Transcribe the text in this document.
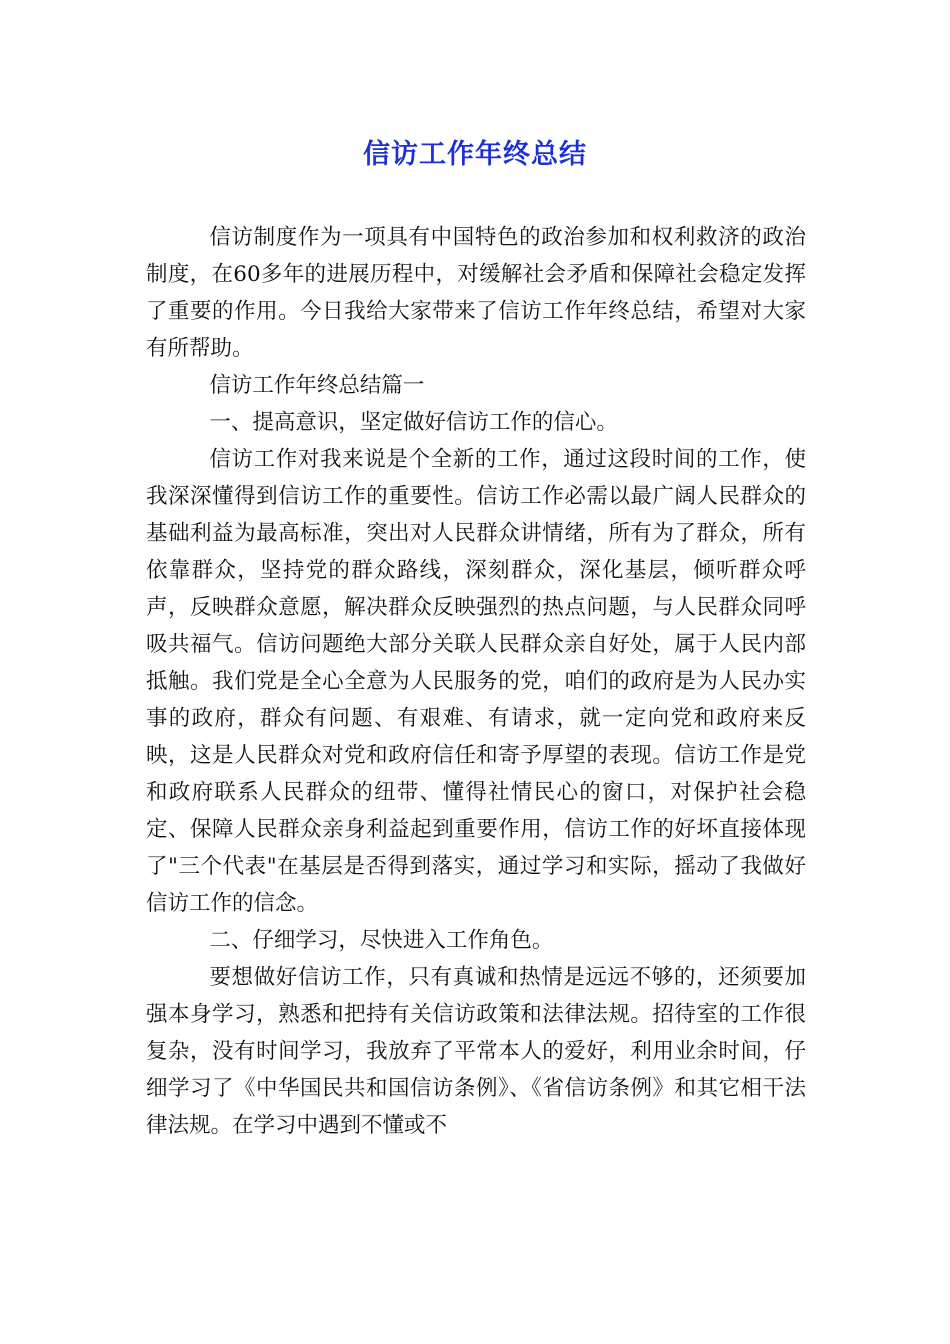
信访工作年终总结

信访制度作为一项具有中国特色的政治参加和权利救济的政治制度，在60多年的进展历程中，对缓解社会矛盾和保障社会稳定发挥了重要的作用。今日我给大家带来了信访工作年终总结，希望对大家有所帮助。

信访工作年终总结篇一

一、提高意识，坚定做好信访工作的信心。

信访工作对我来说是个全新的工作，通过这段时间的工作，使我深深懂得到信访工作的重要性。信访工作必需以最广阔人民群众的基础利益为最高标准，突出对人民群众讲情绪，所有为了群众，所有依靠群众，坚持党的群众路线，深刻群众，深化基层，倾听群众呼声，反映群众意愿，解决群众反映强烈的热点问题，与人民群众同呼吸共福气。信访问题绝大部分关联人民群众亲自好处，属于人民内部抵触。我们党是全心全意为人民服务的党，咱们的政府是为人民办实事的政府，群众有问题、有艰难、有请求，就一定向党和政府来反映，这是人民群众对党和政府信任和寄予厚望的表现。信访工作是党和政府联系人民群众的纽带、懂得社情民心的窗口，对保护社会稳定、保障人民群众亲身利益起到重要作用，信访工作的好坏直接体现了"三个代表"在基层是否得到落实，通过学习和实际，摇动了我做好信访工作的信念。

二、仔细学习，尽快进入工作角色。

要想做好信访工作，只有真诚和热情是远远不够的，还须要加强本身学习，熟悉和把持有关信访政策和法律法规。招待室的工作很复杂，没有时间学习，我放弃了平常本人的爱好，利用业余时间，仔细学习了《中华国民共和国信访条例》、《省信访条例》和其它相干法律法规。在学习中遇到不懂或不
